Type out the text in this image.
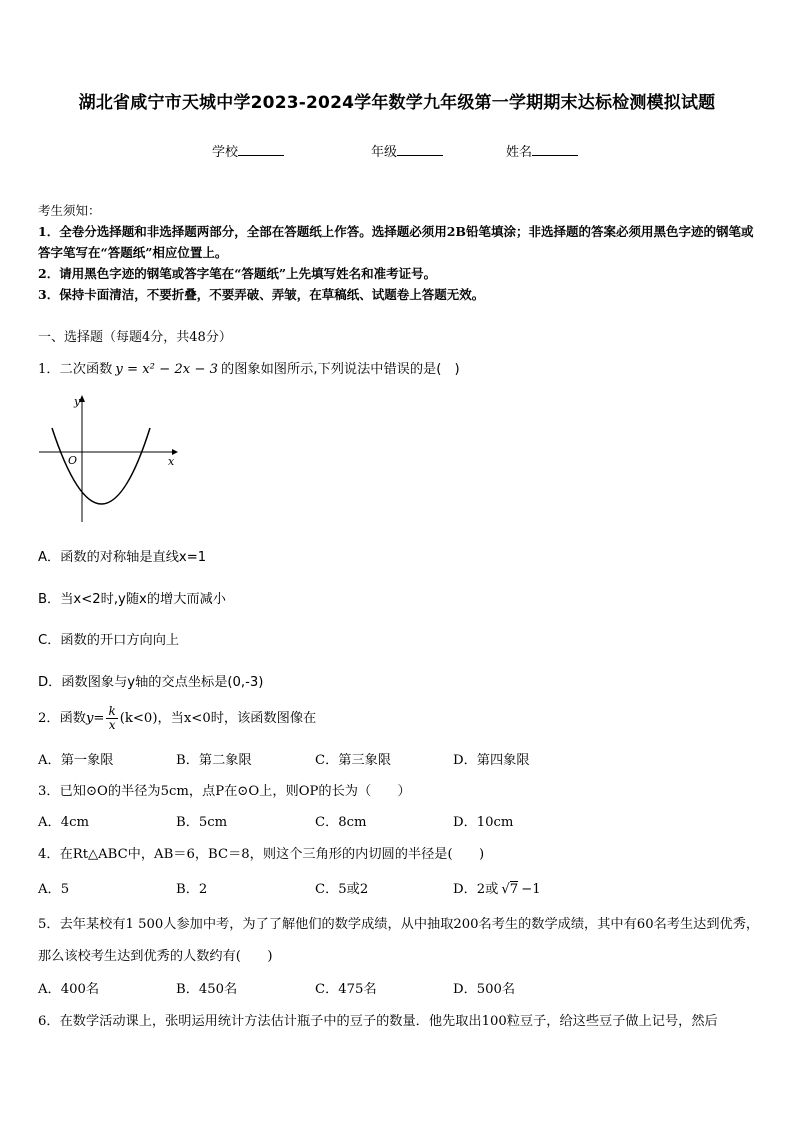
湖北省咸宁市天城中学2023-2024学年数学九年级第一学期期末达标检测模拟试题
学校	年级	姓名

考生须知：

1．全卷分选择题和非选择题两部分，全部在答题纸上作答。选择题必须用2B铅笔填涂；非选择题的答案必须用黑色字迹的钢笔或答字笔写在“答题纸”相应位置上。

2．请用黑色字迹的钢笔或答字笔在“答题纸”上先填写姓名和准考证号。

3．保持卡面清洁，不要折叠，不要弄破、弄皱，在草稿纸、试题卷上答题无效。

一、选择题（每题4分，共48分）
1．二次函数 y = x² − 2x − 3 的图象如图所示,下列说法中错误的是(　)
y
x
O
A．函数的对称轴是直线x=1
B．当x<2时,y随x的增大而减小
C．函数的开口方向向上
D．函数图象与y轴的交点坐标是(0,-3)
2．函数$y= \frac{k}{x} (k<0)$，当x<0时，该函数图像在
A．第一象限	B．第二象限	C．第三象限	D．第四象限
3．已知⊙O的半径为5cm，点P在⊙O上，则OP的长为（　　）
A．4cm	B．5cm	C．8cm	D．10cm
4．在Rt△ABC中，AB＝6，BC＝8，则这个三角形的内切圆的半径是(　　)
A．5	B．2	C．5或2	D．2或 √7 −1
5．去年某校有1 500人参加中考，为了了解他们的数学成绩，从中抽取200名考生的数学成绩，其中有60名考生达到优秀，那么该校考生达到优秀的人数约有(　　)
A．400名	B．450名	C．475名	D．500名
6．在数学活动课上，张明运用统计方法估计瓶子中的豆子的数量．他先取出100粒豆子，给这些豆子做上记号，然后
